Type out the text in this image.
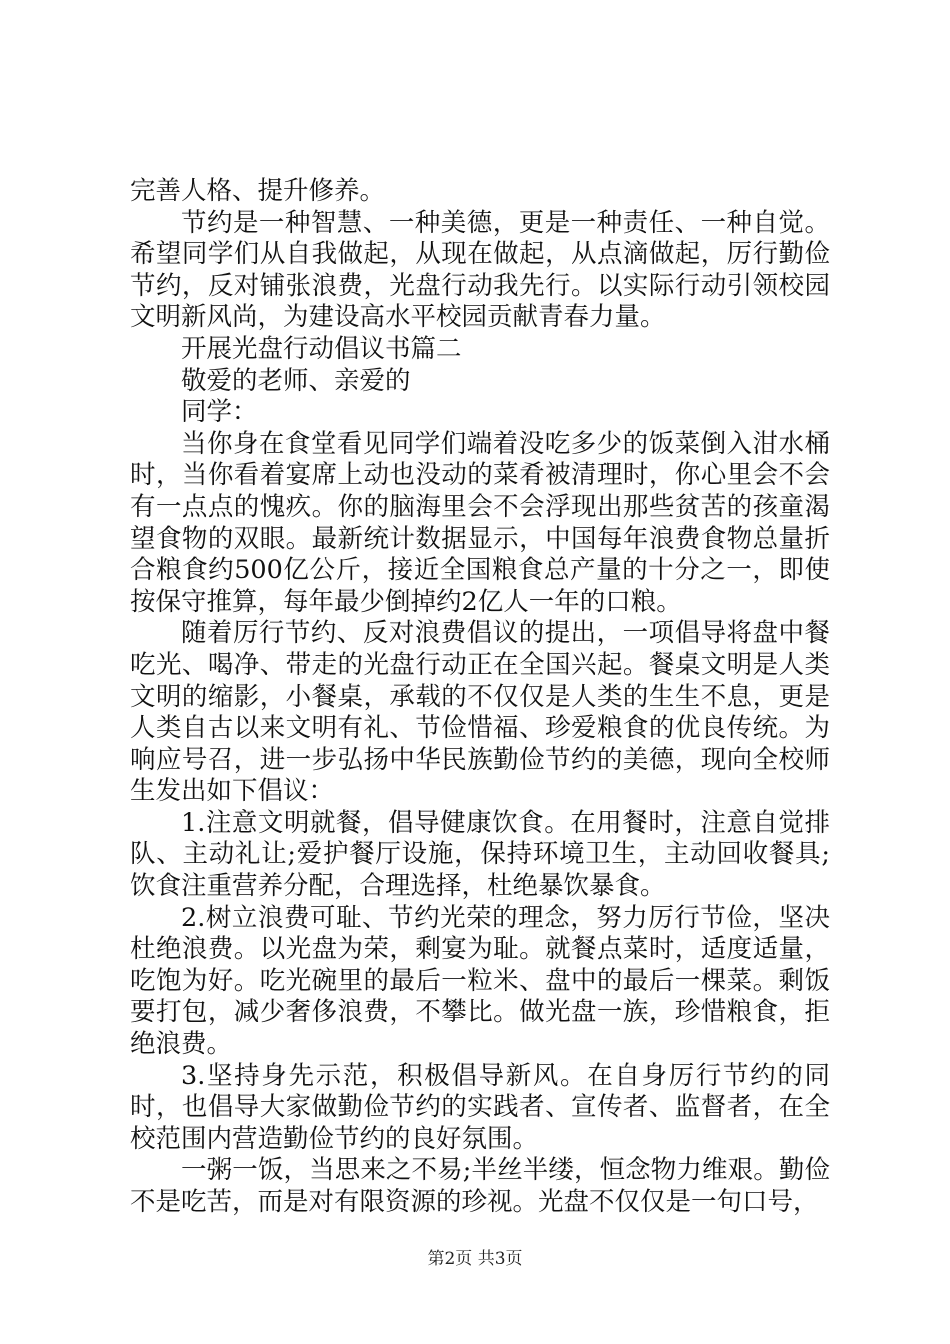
完善人格、提升修养。

节约是一种智慧、一种美德，更是一种责任、一种自觉。希望同学们从自我做起，从现在做起，从点滴做起，厉行勤俭节约，反对铺张浪费，光盘行动我先行。以实际行动引领校园文明新风尚，为建设高水平校园贡献青春力量。

开展光盘行动倡议书篇二

敬爱的老师、亲爱的

同学：

当你身在食堂看见同学们端着没吃多少的饭菜倒入泔水桶时，当你看着宴席上动也没动的菜肴被清理时，你心里会不会有一点点的愧疚。你的脑海里会不会浮现出那些贫苦的孩童渴望食物的双眼。最新统计数据显示，中国每年浪费食物总量折合粮食约500亿公斤，接近全国粮食总产量的十分之一，即使按保守推算，每年最少倒掉约2亿人一年的口粮。

随着厉行节约、反对浪费倡议的提出，一项倡导将盘中餐吃光、喝净、带走的光盘行动正在全国兴起。餐桌文明是人类文明的缩影，小餐桌，承载的不仅仅是人类的生生不息，更是人类自古以来文明有礼、节俭惜福、珍爱粮食的优良传统。为响应号召，进一步弘扬中华民族勤俭节约的美德，现向全校师生发出如下倡议：

1.注意文明就餐，倡导健康饮食。在用餐时，注意自觉排队、主动礼让;爱护餐厅设施，保持环境卫生，主动回收餐具;饮食注重营养分配，合理选择，杜绝暴饮暴食。

2.树立浪费可耻、节约光荣的理念，努力厉行节俭，坚决杜绝浪费。以光盘为荣，剩宴为耻。就餐点菜时，适度适量，吃饱为好。吃光碗里的最后一粒米、盘中的最后一棵菜。剩饭要打包，减少奢侈浪费，不攀比。做光盘一族，珍惜粮食，拒绝浪费。

3.坚持身先示范，积极倡导新风。在自身厉行节约的同时，也倡导大家做勤俭节约的实践者、宣传者、监督者，在全校范围内营造勤俭节约的良好氛围。

一粥一饭，当思来之不易;半丝半缕，恒念物力维艰。勤俭不是吃苦，而是对有限资源的珍视。光盘不仅仅是一句口号，

第2页 共3页
